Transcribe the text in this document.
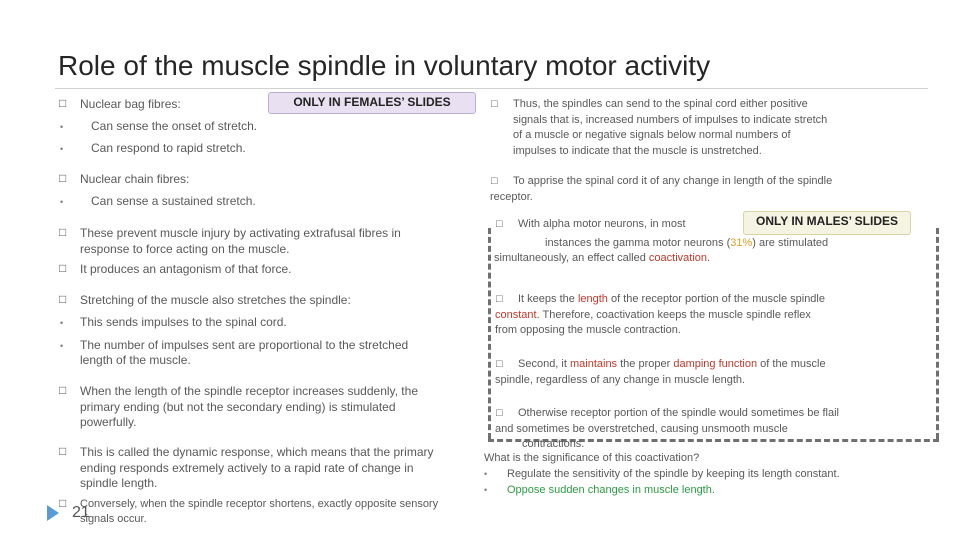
Role of the muscle spindle in voluntary motor activity
ONLY IN FEMALES’ SLIDES
□ Nuclear bag fibres:
• Can sense the onset of stretch.
• Can respond to rapid stretch.
□ Nuclear chain fibres:
• Can sense a sustained stretch.
□ These prevent muscle injury by activating extrafusal fibres in
response to force acting on the muscle.
□ It produces an antagonism of that force.
□ Stretching of the muscle also stretches the spindle:
• This sends impulses to the spinal cord.
• The number of impulses sent are proportional to the stretched
length of the muscle.
□ When the length of the spindle receptor increases suddenly, the
primary ending (but not the secondary ending) is stimulated
powerfully.
□ This is called the dynamic response, which means that the primary
ending responds extremely actively to a rapid rate of change in
spindle length.
□ Conversely, when the spindle receptor shortens, exactly opposite sensory
signals occur.
21
□ Thus, the spindles can send to the spinal cord either positive
signals that is, increased numbers of impulses to indicate stretch
of a muscle or negative signals below normal numbers of
impulses to indicate that the muscle is unstretched.
□ To apprise the spinal cord it of any change in length of the spindle
receptor.
ONLY IN MALES’ SLIDES
□ With alpha motor neurons, in most
instances the gamma motor neurons (31%) are stimulated
simultaneously, an effect called coactivation.
□ It keeps the length of the receptor portion of the muscle spindle
constant. Therefore, coactivation keeps the muscle spindle reflex
from opposing the muscle contraction.
□ Second, it maintains the proper damping function of the muscle
spindle, regardless of any change in muscle length.
□ Otherwise receptor portion of the spindle would sometimes be flail
and sometimes be overstretched, causing unsmooth muscle
contractions.
What is the significance of this coactivation?
• Regulate the sensitivity of the spindle by keeping its length constant.
• Oppose sudden changes in muscle length.
